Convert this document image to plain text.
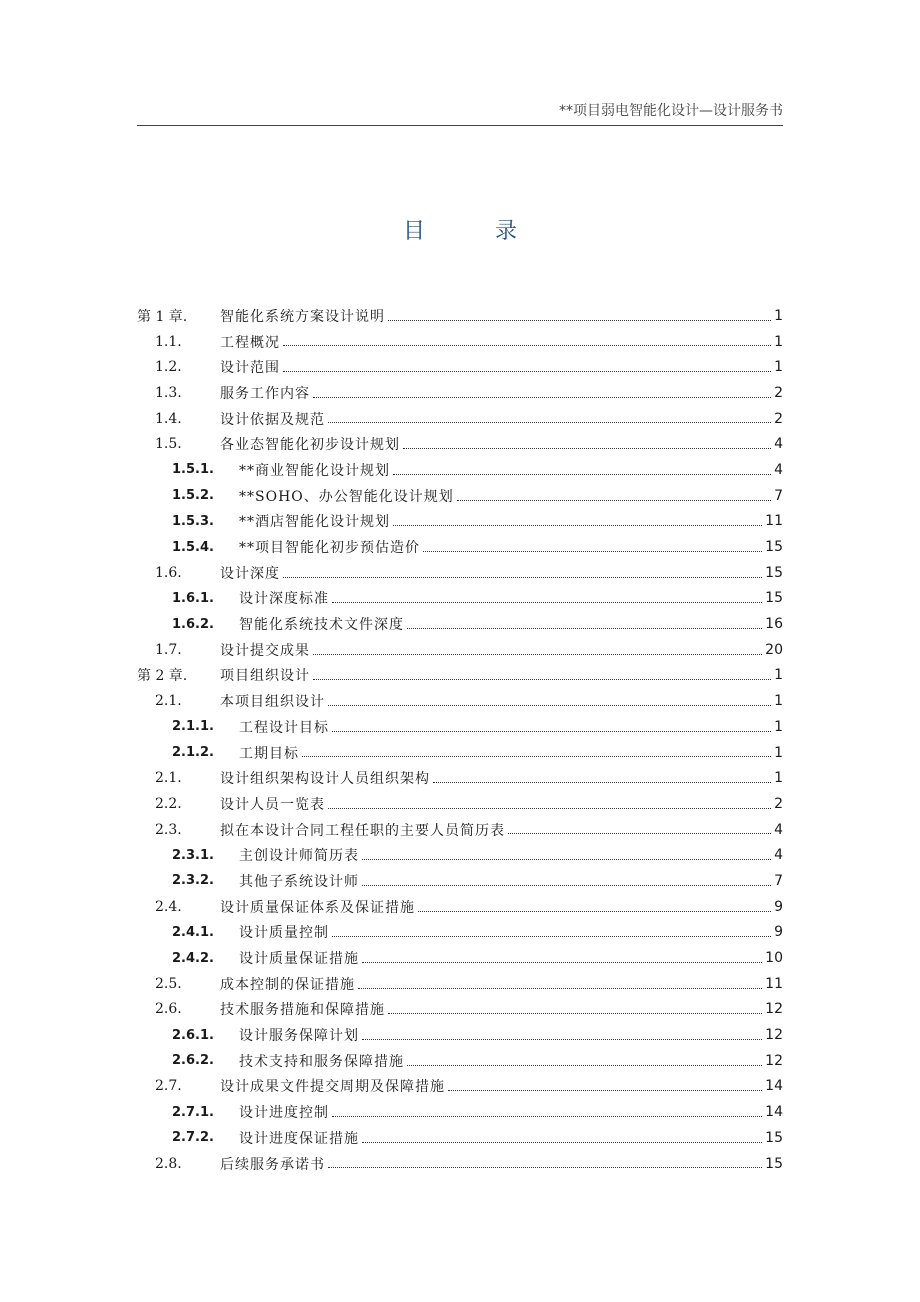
**项目弱电智能化设计—设计服务书
目录
第 1 章.	智能化系统方案设计说明	1
1.1.	工程概况	1
1.2.	设计范围	1
1.3.	服务工作内容	2
1.4.	设计依据及规范	2
1.5.	各业态智能化初步设计规划	4
1.5.1.	**商业智能化设计规划	4
1.5.2.	**SOHO、办公智能化设计规划	7
1.5.3.	**酒店智能化设计规划	11
1.5.4.	**项目智能化初步预估造价	15
1.6.	设计深度	15
1.6.1.	设计深度标准	15
1.6.2.	智能化系统技术文件深度	16
1.7.	设计提交成果	20
第 2 章.	项目组织设计	1
2.1.	本项目组织设计	1
2.1.1.	工程设计目标	1
2.1.2.	工期目标	1
2.1.	设计组织架构设计人员组织架构	1
2.2.	设计人员一览表	2
2.3.	拟在本设计合同工程任职的主要人员简历表	4
2.3.1.	主创设计师简历表	4
2.3.2.	其他子系统设计师	7
2.4.	设计质量保证体系及保证措施	9
2.4.1.	设计质量控制	9
2.4.2.	设计质量保证措施	10
2.5.	成本控制的保证措施	11
2.6.	技术服务措施和保障措施	12
2.6.1.	设计服务保障计划	12
2.6.2.	技术支持和服务保障措施	12
2.7.	设计成果文件提交周期及保障措施	14
2.7.1.	设计进度控制	14
2.7.2.	设计进度保证措施	15
2.8.	后续服务承诺书	15
